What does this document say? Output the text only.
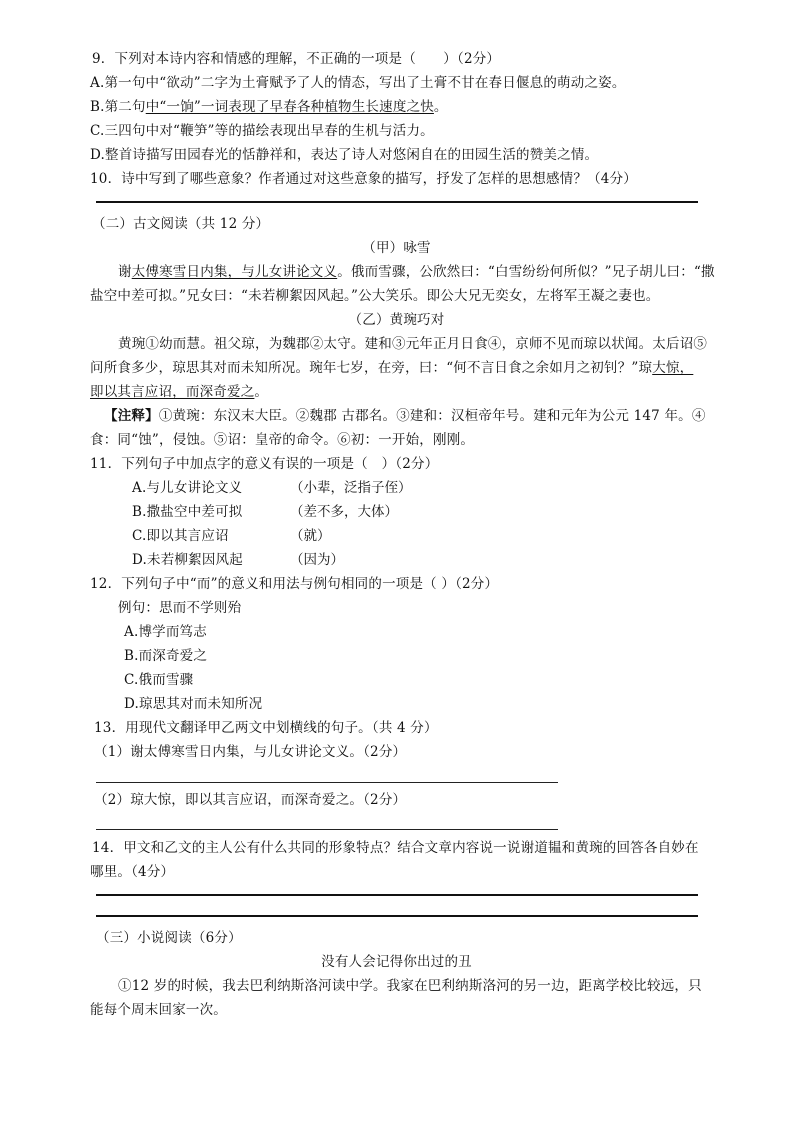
9．下列对本诗内容和情感的理解，不正确的一项是（　　）（2分）

A.第一句中“欲动”二字为土膏赋予了人的情态，写出了土膏不甘在春日偃息的萌动之姿。

B.第二句中“一饷”一词表现了早春各种植物生长速度之快。

C.三四句中对“鞭笋”等的描绘表现出早春的生机与活力。

D.整首诗描写田园春光的恬静祥和，表达了诗人对悠闲自在的田园生活的赞美之情。

10．诗中写到了哪些意象？作者通过对这些意象的描写，抒发了怎样的思想感情？（4分）

（二）古文阅读（共 12 分）

（甲）咏雪

谢太傅寒雪日内集，与儿女讲论文义。俄而雪骤，公欣然曰：“白雪纷纷何所似？”兄子胡儿曰：“撒

盐空中差可拟。”兄女曰：“未若柳絮因风起。”公大笑乐。即公大兄无奕女，左将军王凝之妻也。

（乙）黄琬巧对

黄琬①幼而慧。祖父琼，为魏郡②太守。建和③元年正月日食④，京师不见而琼以状闻。太后诏⑤

问所食多少，琼思其对而未知所况。琬年七岁，在旁，曰：“何不言日食之余如月之初钊？”琼大惊，

即以其言应诏，而深奇爱之。

【注释】①黄琬：东汉末大臣。②魏郡 古郡名。③建和：汉桓帝年号。建和元年为公元 147 年。④

食：同“蚀”，侵蚀。⑤诏：皇帝的命令。⑥初：一开始，刚刚。

11．下列句子中加点字的意义有误的一项是（　）（2分）

A.与儿女讲论文义	（小辈，泛指子侄）

B.撒盐空中差可拟	（差不多，大体）

C.即以其言应诏	（就）

D.未若柳絮因风起	（因为）

12．下列句子中“而”的意义和用法与例句相同的一项是（ ）（2分）

例句：思而不学则殆

A.博学而笃志

B.而深奇爱之

C.俄而雪骤

D.琼思其对而未知所况

13．用现代文翻译甲乙两文中划横线的句子。（共 4 分）

（1）谢太傅寒雪日内集，与儿女讲论文义。（2分）

（2）琼大惊，即以其言应诏，而深奇爱之。（2分）

14．甲文和乙文的主人公有什么共同的形象特点？结合文章内容说一说谢道韫和黄琬的回答各自妙在

哪里。（4分）

（三）小说阅读（6分）

没有人会记得你出过的丑

①12 岁的时候，我去巴利纳斯洛河读中学。我家在巴利纳斯洛河的另一边，距离学校比较远，只

能每个周末回家一次。
